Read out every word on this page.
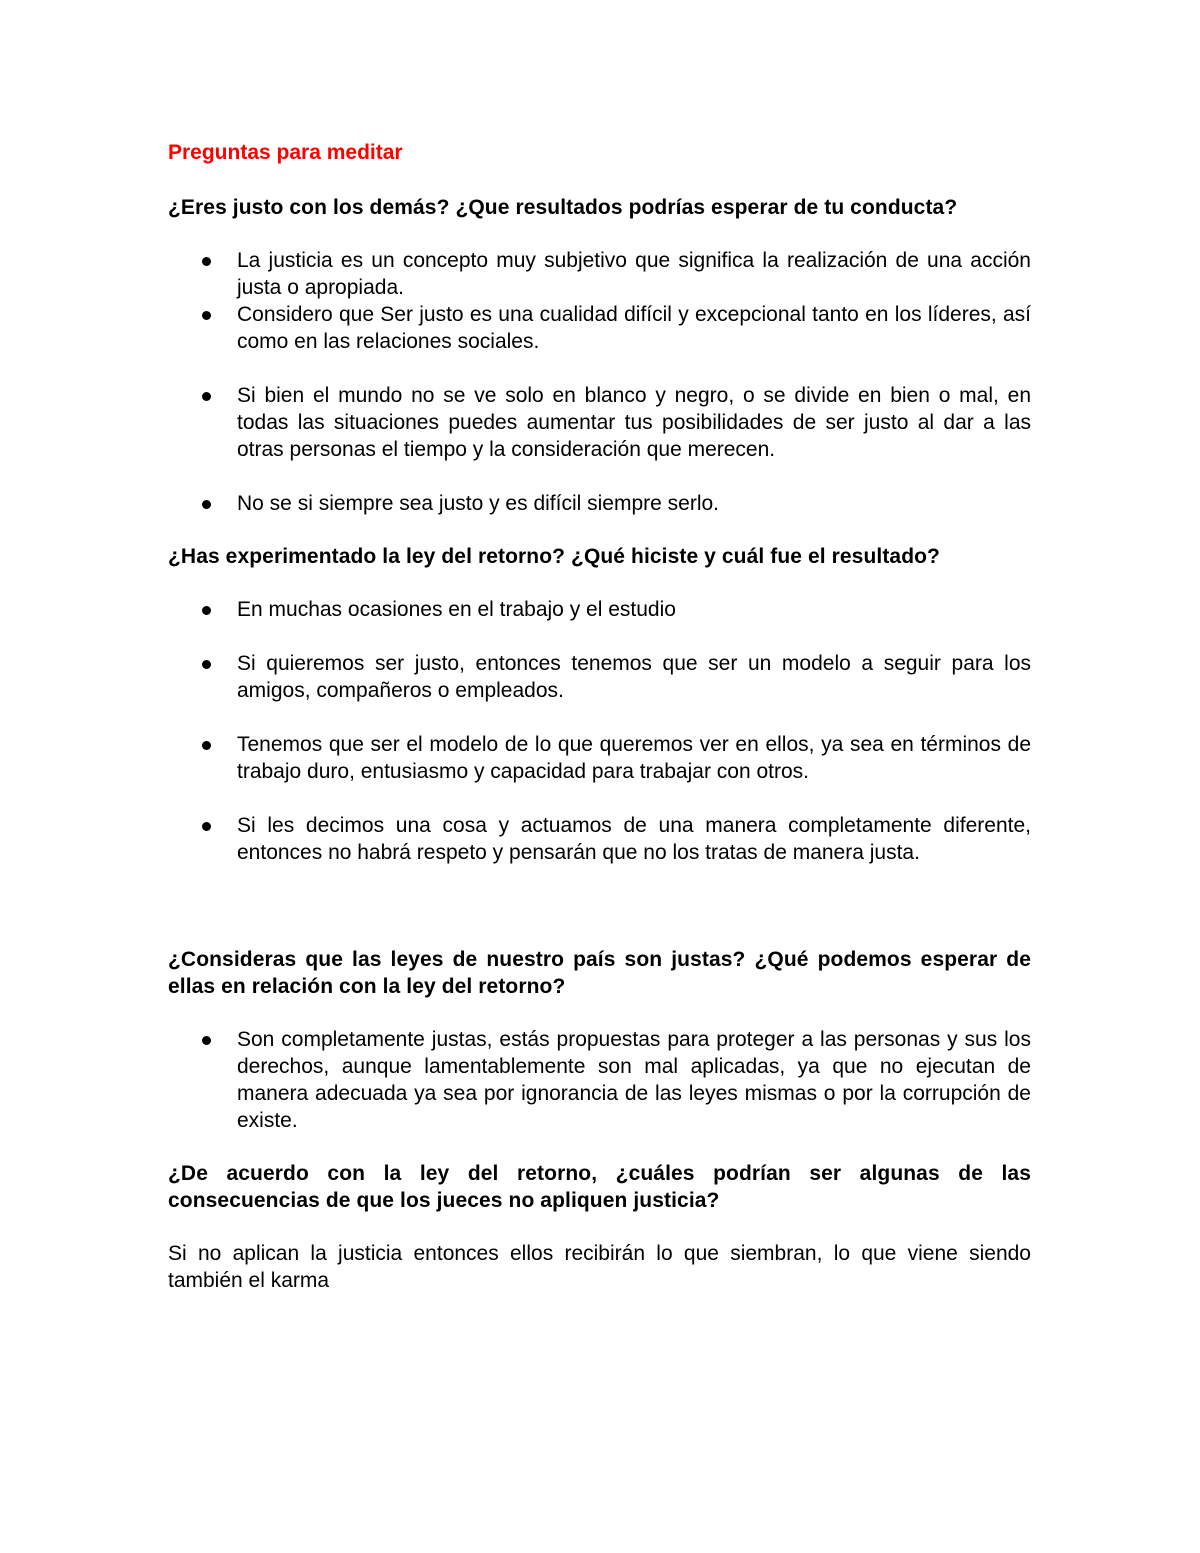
Preguntas para meditar

¿Eres justo con los demás? ¿Que resultados podrías esperar de tu conducta?

La justicia es un concepto muy subjetivo que significa la realización de una acción justa o apropiada.
Considero que Ser justo es una cualidad difícil y excepcional tanto en los líderes, así como en las relaciones sociales.
Si bien el mundo no se ve solo en blanco y negro, o se divide en bien o mal, en todas las situaciones puedes aumentar tus posibilidades de ser justo al dar a las otras personas el tiempo y la consideración que merecen.
No se si siempre sea justo y es difícil siempre serlo.

¿Has experimentado la ley del retorno? ¿Qué hiciste y cuál fue el resultado?

En muchas ocasiones en el trabajo y el estudio
Si quieremos ser justo, entonces tenemos que ser un modelo a seguir para los amigos, compañeros o empleados.
Tenemos que ser el modelo de lo que queremos ver en ellos, ya sea en términos de trabajo duro, entusiasmo y capacidad para trabajar con otros.
Si les decimos una cosa y actuamos de una manera completamente diferente, entonces no habrá respeto y pensarán que no los tratas de manera justa.

¿Consideras que las leyes de nuestro país son justas? ¿Qué podemos esperar de ellas en relación con la ley del retorno?

Son completamente justas, estás propuestas para proteger a las personas y sus los derechos, aunque lamentablemente son mal aplicadas, ya que no ejecutan de manera adecuada ya sea por ignorancia de las leyes mismas o por la corrupción de existe.

¿De acuerdo con la ley del retorno, ¿cuáles podrían ser algunas de las consecuencias de que los jueces no apliquen justicia?

Si no aplican la justicia entonces ellos recibirán lo que siembran, lo que viene siendo también el karma
